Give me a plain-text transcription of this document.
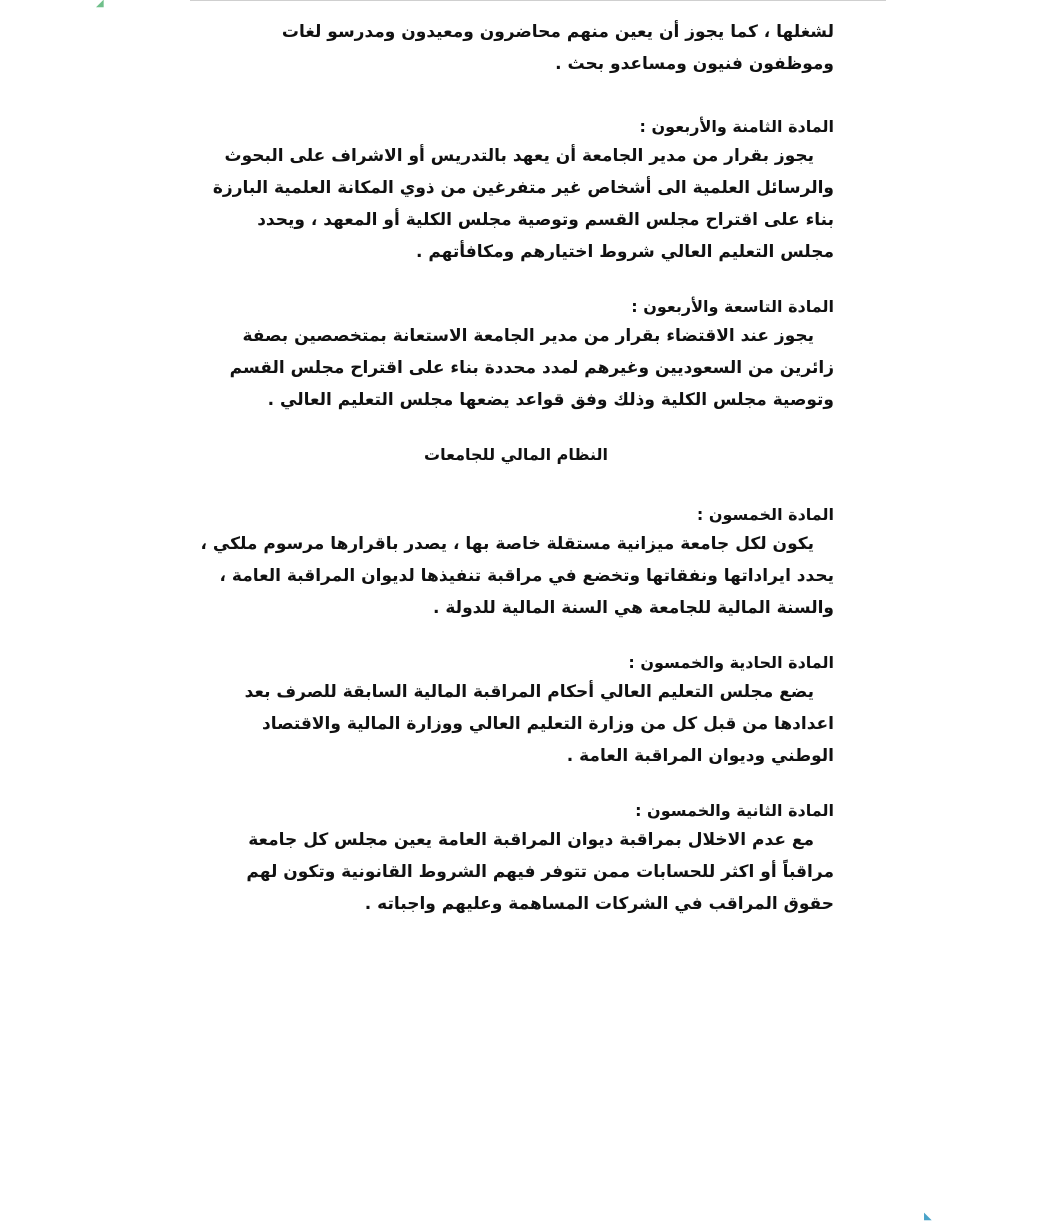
◢
◣

لشغلها ، كما يجوز أن يعين منهم محاضرون ومعيدون ومدرسو لغات وموظفون فنيون ومساعدو بحث .

المادة الثامنة والأربعون :

يجوز بقرار من مدير الجامعة أن يعهد بالتدريس أو الاشراف على البحوث والرسائل العلمية الى أشخاص غير متفرغين من ذوي المكانة العلمية البارزة بناء على اقتراح مجلس القسم وتوصية مجلس الكلية أو المعهد ، ويحدد مجلس التعليم العالي شروط اختيارهم ومكافأتهم .

المادة التاسعة والأربعون :

يجوز عند الاقتضاء بقرار من مدير الجامعة الاستعانة بمتخصصين بصفة زائرين من السعوديين وغيرهم لمدد محددة بناء على اقتراح مجلس القسم وتوصية مجلس الكلية وذلك وفق قواعد يضعها مجلس التعليم العالي .

النظام المالي للجامعات

المادة الخمسون :

يكون لكل جامعة ميزانية مستقلة خاصة بها ، يصدر باقرارها مرسوم ملكي ، يحدد ايراداتها ونفقاتها وتخضع في مراقبة تنفيذها لديوان المراقبة العامة ، والسنة المالية للجامعة هي السنة المالية للدولة .

المادة الحادية والخمسون :

يضع مجلس التعليم العالي أحكام المراقبة المالية السابقة للصرف بعد اعدادها من قبل كل من وزارة التعليم العالي ووزارة المالية والاقتصاد الوطني وديوان المراقبة العامة .

المادة الثانية والخمسون :

مع عدم الاخلال بمراقبة ديوان المراقبة العامة يعين مجلس كل جامعة مراقباً أو اكثر للحسابات ممن تتوفر فيهم الشروط القانونية وتكون لهم حقوق المراقب في الشركات المساهمة وعليهم واجباته .
